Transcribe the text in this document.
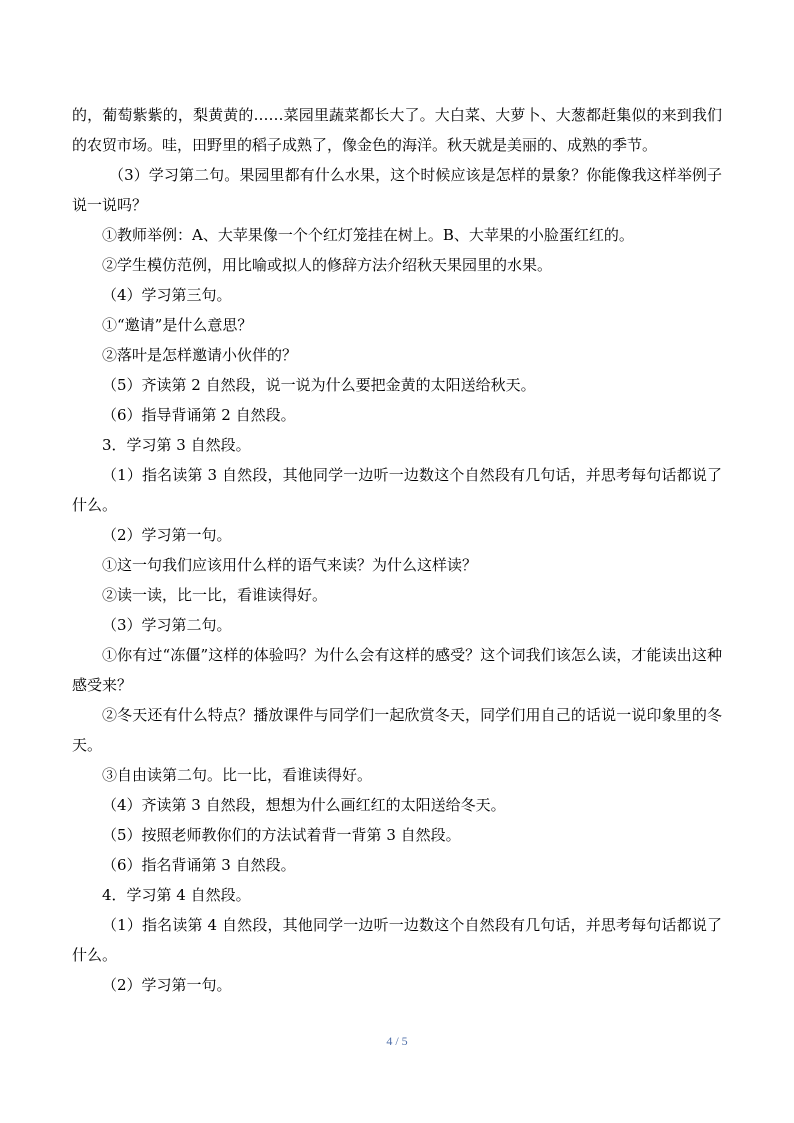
的，葡萄紫紫的，梨黄黄的……菜园里蔬菜都长大了。大白菜、大萝卜、大葱都赶集似的来到我们的农贸市场。哇，田野里的稻子成熟了，像金色的海洋。秋天就是美丽的、成熟的季节。

（3）学习第二句。果园里都有什么水果，这个时候应该是怎样的景象？你能像我这样举例子说一说吗？

①教师举例：A、大苹果像一个个红灯笼挂在树上。B、大苹果的小脸蛋红红的。

②学生模仿范例，用比喻或拟人的修辞方法介绍秋天果园里的水果。

（4）学习第三句。

①“邀请”是什么意思？

②落叶是怎样邀请小伙伴的？

（5）齐读第 2 自然段，说一说为什么要把金黄的太阳送给秋天。

（6）指导背诵第 2 自然段。

3．学习第 3 自然段。

（1）指名读第 3 自然段，其他同学一边听一边数这个自然段有几句话，并思考每句话都说了什么。

（2）学习第一句。

①这一句我们应该用什么样的语气来读？为什么这样读？

②读一读，比一比，看谁读得好。

（3）学习第二句。

①你有过“冻僵”这样的体验吗？为什么会有这样的感受？这个词我们该怎么读，才能读出这种感受来？

②冬天还有什么特点？播放课件与同学们一起欣赏冬天，同学们用自己的话说一说印象里的冬天。

③自由读第二句。比一比，看谁读得好。

（4）齐读第 3 自然段，想想为什么画红红的太阳送给冬天。

（5）按照老师教你们的方法试着背一背第 3 自然段。

（6）指名背诵第 3 自然段。

4．学习第 4 自然段。

（1）指名读第 4 自然段，其他同学一边听一边数这个自然段有几句话，并思考每句话都说了什么。

（2）学习第一句。

4 / 5
